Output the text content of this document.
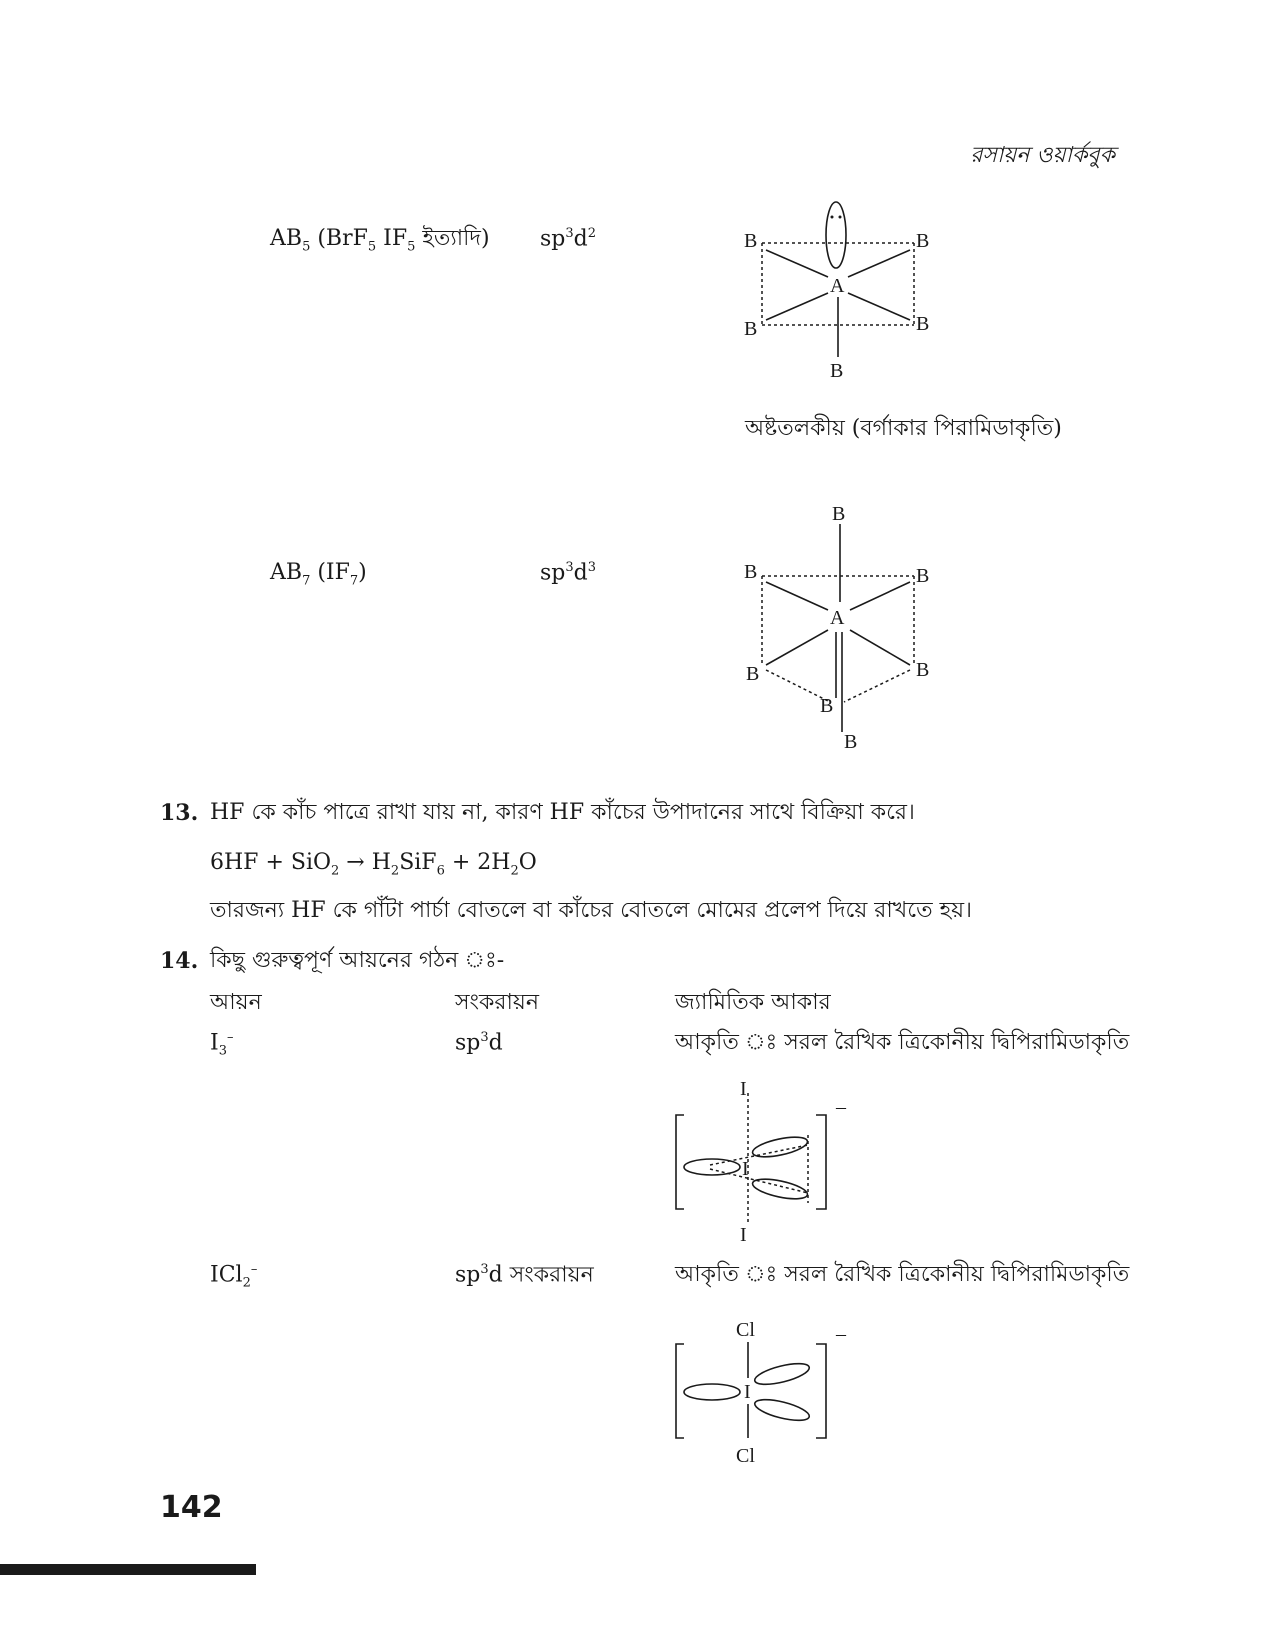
রসায়ন ওয়ার্কবুক
$AB_5$ (BrF$_5$ $IF_5$ ইত্যাদি) $sp^3d^2$	B	B
A
B	B
B
অষ্টতলকীয় (বর্গাকার পিরামিডাকৃতি)
$AB_7$ $(IF_7)$	$sp^3d^3$
B
B	B
A
B	B
B
B
13. HF কে কাঁচ পাত্রে রাখা যায় না, কারণ HF কাঁচের উপাদানের সাথে বিক্রিয়া করে।
$6HF + SiO_2 \to H_2SiF_6 + 2H_2O$
তারজন্য HF কে গাঁটা পার্চা বোতলে বা কাঁচের বোতলে মোমের প্রলেপ দিয়ে রাখতে হয়।
14. কিছু গুরুত্বপূর্ণ আয়নের গঠন ঃ-
আয়ন	সংকরায়ন	জ্যামিতিক আকার
$I_3^-$	$sp^3d$	আকৃতি ঃ সরল রৈখিক ত্রিকোনীয় দ্বিপিরামিডাকৃতি
I
I
I
–
ICl$_2$–	$sp^3d$ সংকরায়ন	আকৃতি ঃ সরল রৈখিক ত্রিকোনীয় দ্বিপিরামিডাকৃতি
Cl
I
Cl
–
142
